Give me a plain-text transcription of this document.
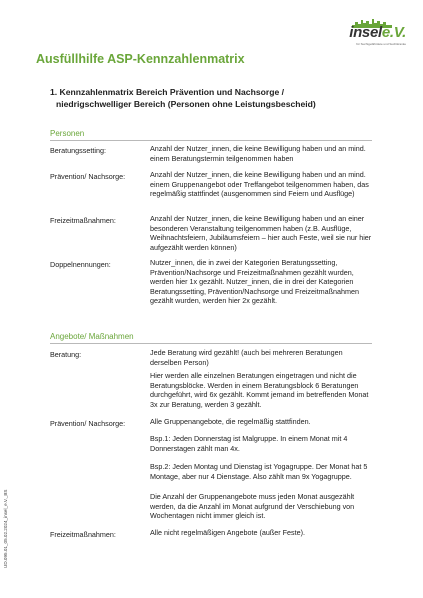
insele.V.
für Suchtgefährdete und Suchtkranke
Ausfüllhilfe ASP-Kennzahlenmatrix
1. Kennzahlenmatrix Bereich Prävention und Nachsorge /
niedrigschwelliger Bereich (Personen ohne Leistungsbescheid)
Personen
Beratungssetting:	Anzahl der Nutzer_innen, die keine Bewilligung haben und an mind. einem Beratungstermin teilgenommen haben
Prävention/ Nachsorge:	Anzahl der Nutzer_innen, die keine Bewilligung haben und an mind. einem Gruppenangebot oder Treffangebot teilgenommen haben, das regelmäßig stattfindet (ausgenommen sind Feiern und Ausflüge)
Freizeitmaßnahmen:	Anzahl der Nutzer_innen, die keine Bewilligung haben und an einer besonderen Veranstaltung teilgenommen haben (z.B. Ausflüge, Weihnachtsfeiern, Jubiläumsfeiern – hier auch Feste, weil sie nur hier aufgezählt werden können)
Doppelnennungen:	Nutzer_innen, die in zwei der Kategorien Beratungssetting, Prävention/Nachsorge und Freizeitmaßnahmen gezählt wurden, werden hier 1x gezählt. Nutzer_innen, die in drei der Kategorien Beratungssetting, Prävention/Nachsorge und Freizeitmaßnahmen gezählt wurden, werden hier 2x gezählt.
Angebote/ Maßnahmen
Beratung:	Jede Beratung wird gezählt! (auch bei mehreren Beratungen derselben Person)
Hier werden alle einzelnen Beratungen eingetragen und nicht die Beratungsblöcke. Werden in einem Beratungsblock 6 Beratungen durchgeführt, wird 6x gezählt. Kommt jemand im betreffenden Monat 3x zur Beratung, werden 3 gezählt.
Prävention/ Nachsorge:	Alle Gruppenangebote, die regelmäßig stattfinden.
Bsp.1: Jeden Donnerstag ist Malgruppe. In einem Monat mit 4 Donnerstagen zählt man 4x.
Bsp.2: Jeden Montag und Dienstag ist Yogagruppe. Der Monat hat 5 Montage, aber nur 4 Dienstage. Also zählt man 9x Yogagruppe.
Die Anzahl der Gruppenangebote muss jeden Monat ausgezählt werden, da die Anzahl im Monat aufgrund der Verschiebung von Wochentagen nicht immer gleich ist.
Freizeitmaßnahmen:	Alle nicht regelmäßigen Angebote (außer Feste).
UD.095.01_05.02.2024_insel_e.V._BS
